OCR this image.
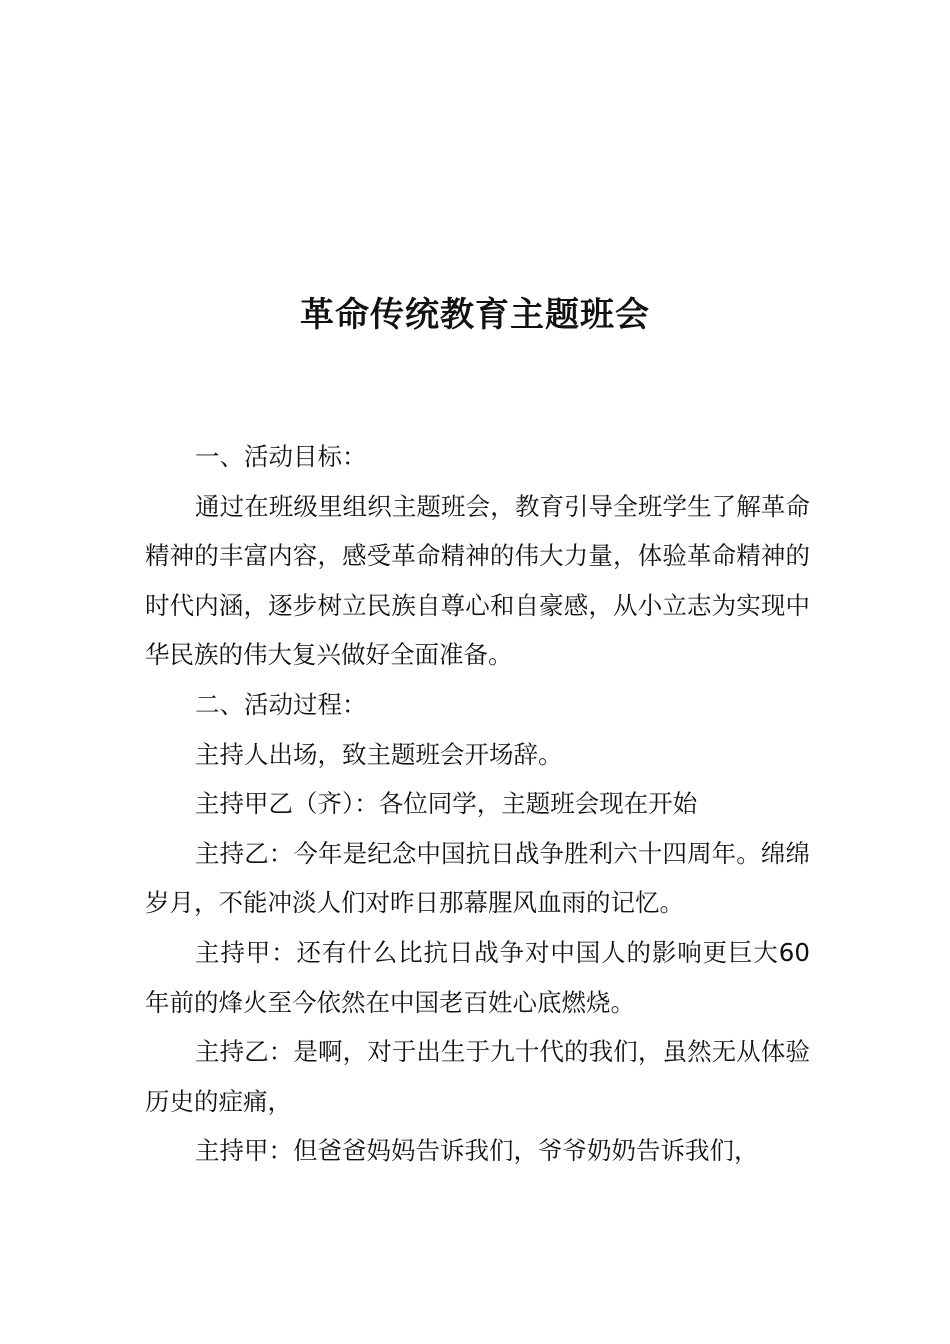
革命传统教育主题班会

一、活动目标：

通过在班级里组织主题班会，教育引导全班学生了解革命精神的丰富内容，感受革命精神的伟大力量，体验革命精神的时代内涵，逐步树立民族自尊心和自豪感，从小立志为实现中华民族的伟大复兴做好全面准备。

二、活动过程：

主持人出场，致主题班会开场辞。

主持甲乙（齐）：各位同学，主题班会现在开始

主持乙：今年是纪念中国抗日战争胜利六十四周年。绵绵岁月，不能冲淡人们对昨日那幕腥风血雨的记忆。

主持甲：还有什么比抗日战争对中国人的影响更巨大60年前的烽火至今依然在中国老百姓心底燃烧。

主持乙：是啊，对于出生于九十代的我们，虽然无从体验历史的症痛，

主持甲：但爸爸妈妈告诉我们，爷爷奶奶告诉我们，
